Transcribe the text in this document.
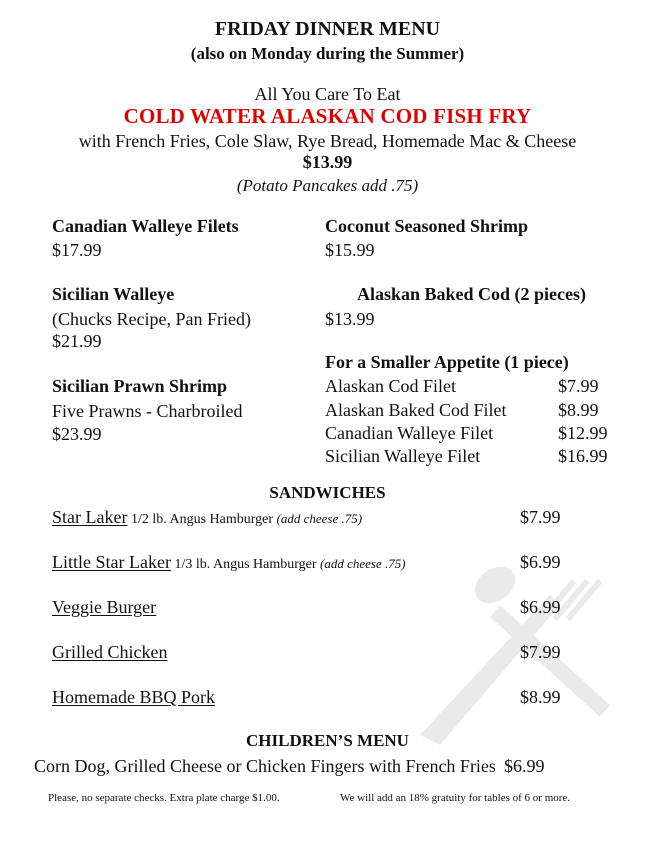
FRIDAY DINNER MENU
(also on Monday during the Summer)
All You Care To Eat
COLD WATER ALASKAN COD FISH FRY
with French Fries, Cole Slaw, Rye Bread, Homemade Mac & Cheese
$13.99
(Potato Pancakes add .75)
Canadian Walleye Filets
$17.99
Sicilian Walleye
(Chucks Recipe, Pan Fried)
$21.99
Sicilian Prawn Shrimp
Five Prawns - Charbroiled
$23.99
Coconut Seasoned Shrimp
$15.99
Alaskan Baked Cod (2 pieces)
$13.99
For a Smaller Appetite (1 piece)
Alaskan Cod Filet	$7.99
Alaskan Baked Cod Filet	$8.99
Canadian Walleye Filet	$12.99
Sicilian Walleye Filet	$16.99
SANDWICHES
Star Laker 1/2 lb. Angus Hamburger (add cheese .75)	$7.99
Little Star Laker 1/3 lb. Angus Hamburger (add cheese .75)	$6.99
Veggie Burger	$6.99
Grilled Chicken	$7.99
Homemade BBQ Pork	$8.99
CHILDREN’S MENU
Corn Dog, Grilled Cheese or Chicken Fingers with French Fries $6.99
Please, no separate checks. Extra plate charge $1.00.	We will add an 18% gratuity for tables of 6 or more.
